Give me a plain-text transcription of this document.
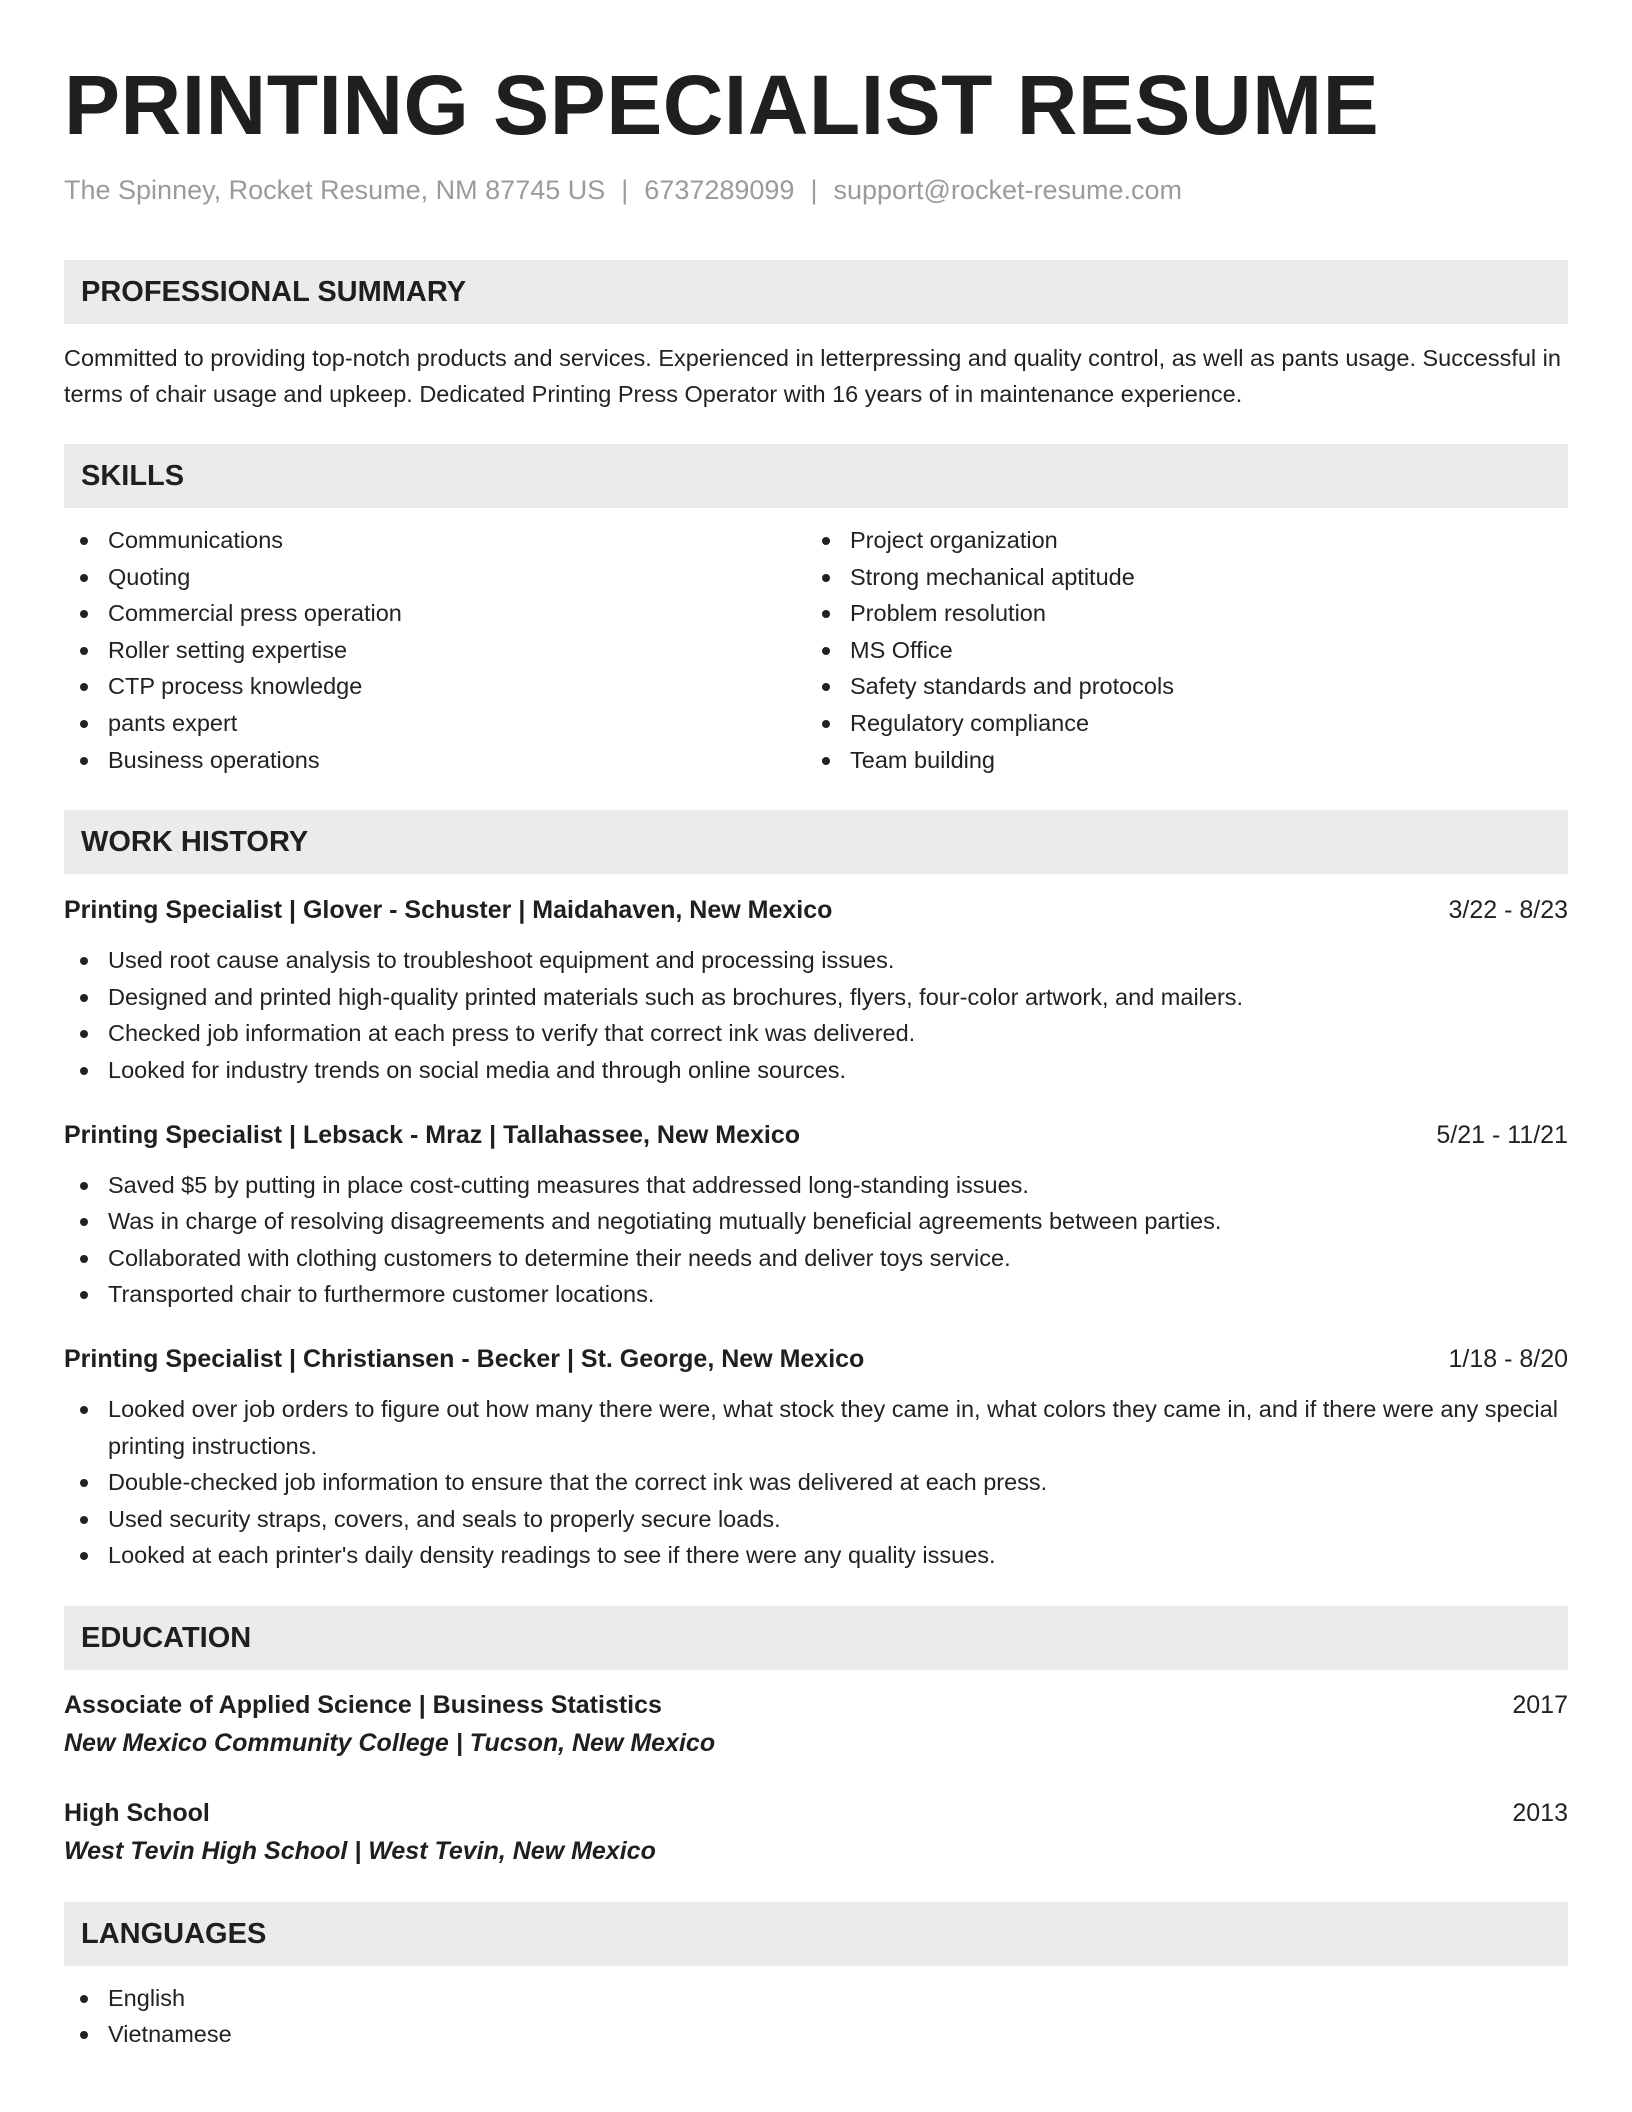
PRINTING SPECIALIST RESUME
The Spinney, Rocket Resume, NM 87745 US | 6737289099 | support@rocket-resume.com
PROFESSIONAL SUMMARY
Committed to providing top-notch products and services. Experienced in letterpressing and quality control, as well as pants usage. Successful in terms of chair usage and upkeep. Dedicated Printing Press Operator with 16 years of in maintenance experience.
SKILLS
Communications
Quoting
Commercial press operation
Roller setting expertise
CTP process knowledge
pants expert
Business operations
Project organization
Strong mechanical aptitude
Problem resolution
MS Office
Safety standards and protocols
Regulatory compliance
Team building
WORK HISTORY
Printing Specialist | Glover - Schuster | Maidahaven, New Mexico	3/22 - 8/23
Used root cause analysis to troubleshoot equipment and processing issues.
Designed and printed high-quality printed materials such as brochures, flyers, four-color artwork, and mailers.
Checked job information at each press to verify that correct ink was delivered.
Looked for industry trends on social media and through online sources.
Printing Specialist | Lebsack - Mraz | Tallahassee, New Mexico	5/21 - 11/21
Saved $5 by putting in place cost-cutting measures that addressed long-standing issues.
Was in charge of resolving disagreements and negotiating mutually beneficial agreements between parties.
Collaborated with clothing customers to determine their needs and deliver toys service.
Transported chair to furthermore customer locations.
Printing Specialist | Christiansen - Becker | St. George, New Mexico	1/18 - 8/20
Looked over job orders to figure out how many there were, what stock they came in, what colors they came in, and if there were any special printing instructions.
Double-checked job information to ensure that the correct ink was delivered at each press.
Used security straps, covers, and seals to properly secure loads.
Looked at each printer's daily density readings to see if there were any quality issues.
EDUCATION
Associate of Applied Science | Business Statistics	2017
New Mexico Community College | Tucson, New Mexico
High School	2013
West Tevin High School | West Tevin, New Mexico
LANGUAGES
English
Vietnamese
